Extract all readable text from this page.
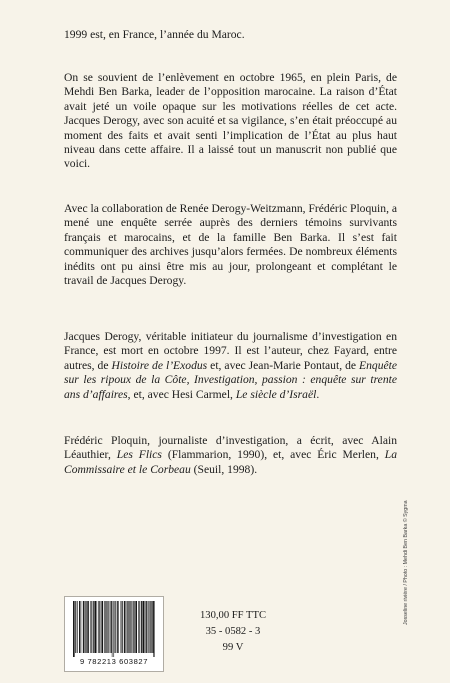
1999 est, en France, l’année du Maroc.

On se souvient de l’enlèvement en octobre 1965, en plein Paris, de Mehdi Ben Barka, leader de l’opposition marocaine. La raison d’État avait jeté un voile opaque sur les motivations réelles de cet acte. Jacques Derogy, avec son acuité et sa vigilance, s’en était préoccupé au moment des faits et avait senti l’implication de l’État au plus haut niveau dans cette affaire. Il a laissé tout un manuscrit non publié que voici.

Avec la collaboration de Renée Derogy-Weitzmann, Frédéric Ploquin, a mené une enquête serrée auprès des derniers témoins survivants français et marocains, et de la famille Ben Barka. Il s’est fait communiquer des archives jusqu’alors fermées. De nombreux éléments inédits ont pu ainsi être mis au jour, prolongeant et complétant le travail de Jacques Derogy.

Jacques Derogy, véritable initiateur du journalisme d’investigation en France, est mort en octobre 1997. Il est l’auteur, chez Fayard, entre autres, de Histoire de l’Exodus et, avec Jean-Marie Pontaut, de Enquête sur les ripoux de la Côte, Investigation, passion : enquête sur trente ans d’affaires, et, avec Hesi Carmel, Le siècle d’Israël.

Frédéric Ploquin, journaliste d’investigation, a écrit, avec Alain Léauthier, Les Flics (Flammarion, 1990), et, avec Éric Merlen, La Commissaire et le Corbeau (Seuil, 1998).

Josseline rivière / Photo : Mehdi Ben Barka © Sygma
9 782213 603827
130,00 FF TTC
35 - 0582 - 3
99 V
